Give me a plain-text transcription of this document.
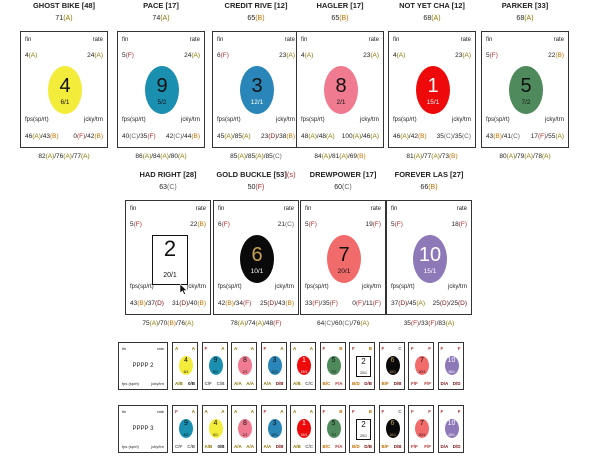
GHOST BIKE [48]
71(A)
fin	rate
4(A)	24(A)
4
6/1
fps(sp/rt)	jcky/trn
46(A)/43(B) 0(F)/42(B)
82(A)/76(A)/77(A)
PACE [17]
74(A)
fin	rate
5(F)	24(A)
9
5/2
fps(sp/rt)	jcky/trn
40(C)/35(F) 42(C)/44(B)
86(A)/84(A)/80(A)
CREDIT RIVE [12]
65(B)
fin	rate
6(F)	23(A)
3
12/1
fps(sp/rt)	jcky/trn
45(A)/85(A) 23(D)/38(B)
85(A)/85(A)/85(C)
HAGLER [17]
65(B)
fin	rate
4(A)	23(A)
8
2/1
fps(sp/rt)	jcky/trn
48(A)/48(A) 100(A)/46(A)
84(A)/81(A)/69(B)
NOT YET CHA [12]
68(A)
fin	rate
4(A)	23(A)
1
15/1
fps(sp/rt)	jcky/trn
46(A)/42(B) 35(C)/35(C)
81(A)/77(A)/73(B)
PARKER [33]
68(A)
fin	rate
5(F)	22(B)
5
7/2
fps(sp/rt)	jcky/trn
43(B)/41(C) 17(F)/55(A)
80(A)/79(A)/78(A)
HAD RIGHT [28]
63(C)
fin	rate
5(F)	22(B)
2
20/1
fps(sp/rt)	jcky/trn
43(B)/37(D) 31(D)/40(B)
75(A)/70(B)/76(A)
GOLD BUCKLE [53](s)
50(F)
fin	rate
6(F)	21(C)
6
10/1
fps(sp/rt)	jcky/trn
42(B)/34(F) 25(D)/43(B)
78(A)/74(A)/48(F)
DREWPOWER [17]
60(C)
fin	rate
5(F)	19(F)
7
20/1
fps(sp/rt)	jcky/trn
33(F)/35(F) 0(F)/11(F)
64(C)/60(C)/76(A)
FOREVER LAS [27]
66(B)
fin	rate
5(F)	18(F)
10
15/1
fps(sp/rt)	jcky/trn
37(D)/45(A) 25(D)/25(D)
35(F)/33(F)/83(A)
fin	rate
PPPP 2
fps (sp/rt)	jcky/trn
A	A
4
6/1
A/B 0/B
F	A
9
5/2
C/F C/B
A	A
8
2/1
A/A A/A
F	A
3
12/1
A/A D/B
A	A
1
15/1
A/B C/C
F	B
5
7/2
B/C F/A
F	B
2
20/1
B/D D/B
F	C
6
10/1
B/F D/B
F	F
7
20/1
F/F F/F
F	F
10
15/1
D/A D/D
fin	rate
PPPP 3
fps (sp/rt)	jcky/trn
F	A
9
5/2
C/F C/B
A	A
4
6/1
A/B 0/B
A	A
8
2/1
A/A A/A
F	A
3
12/1
A/A D/B
A	A
1
15/1
A/B C/C
F	B
5
7/2
B/C F/A
F	B
2
20/1
B/D D/B
F	C
6
10/1
B/F D/B
F	F
7
20/1
F/F F/F
F	F
10
15/1
D/A D/D
